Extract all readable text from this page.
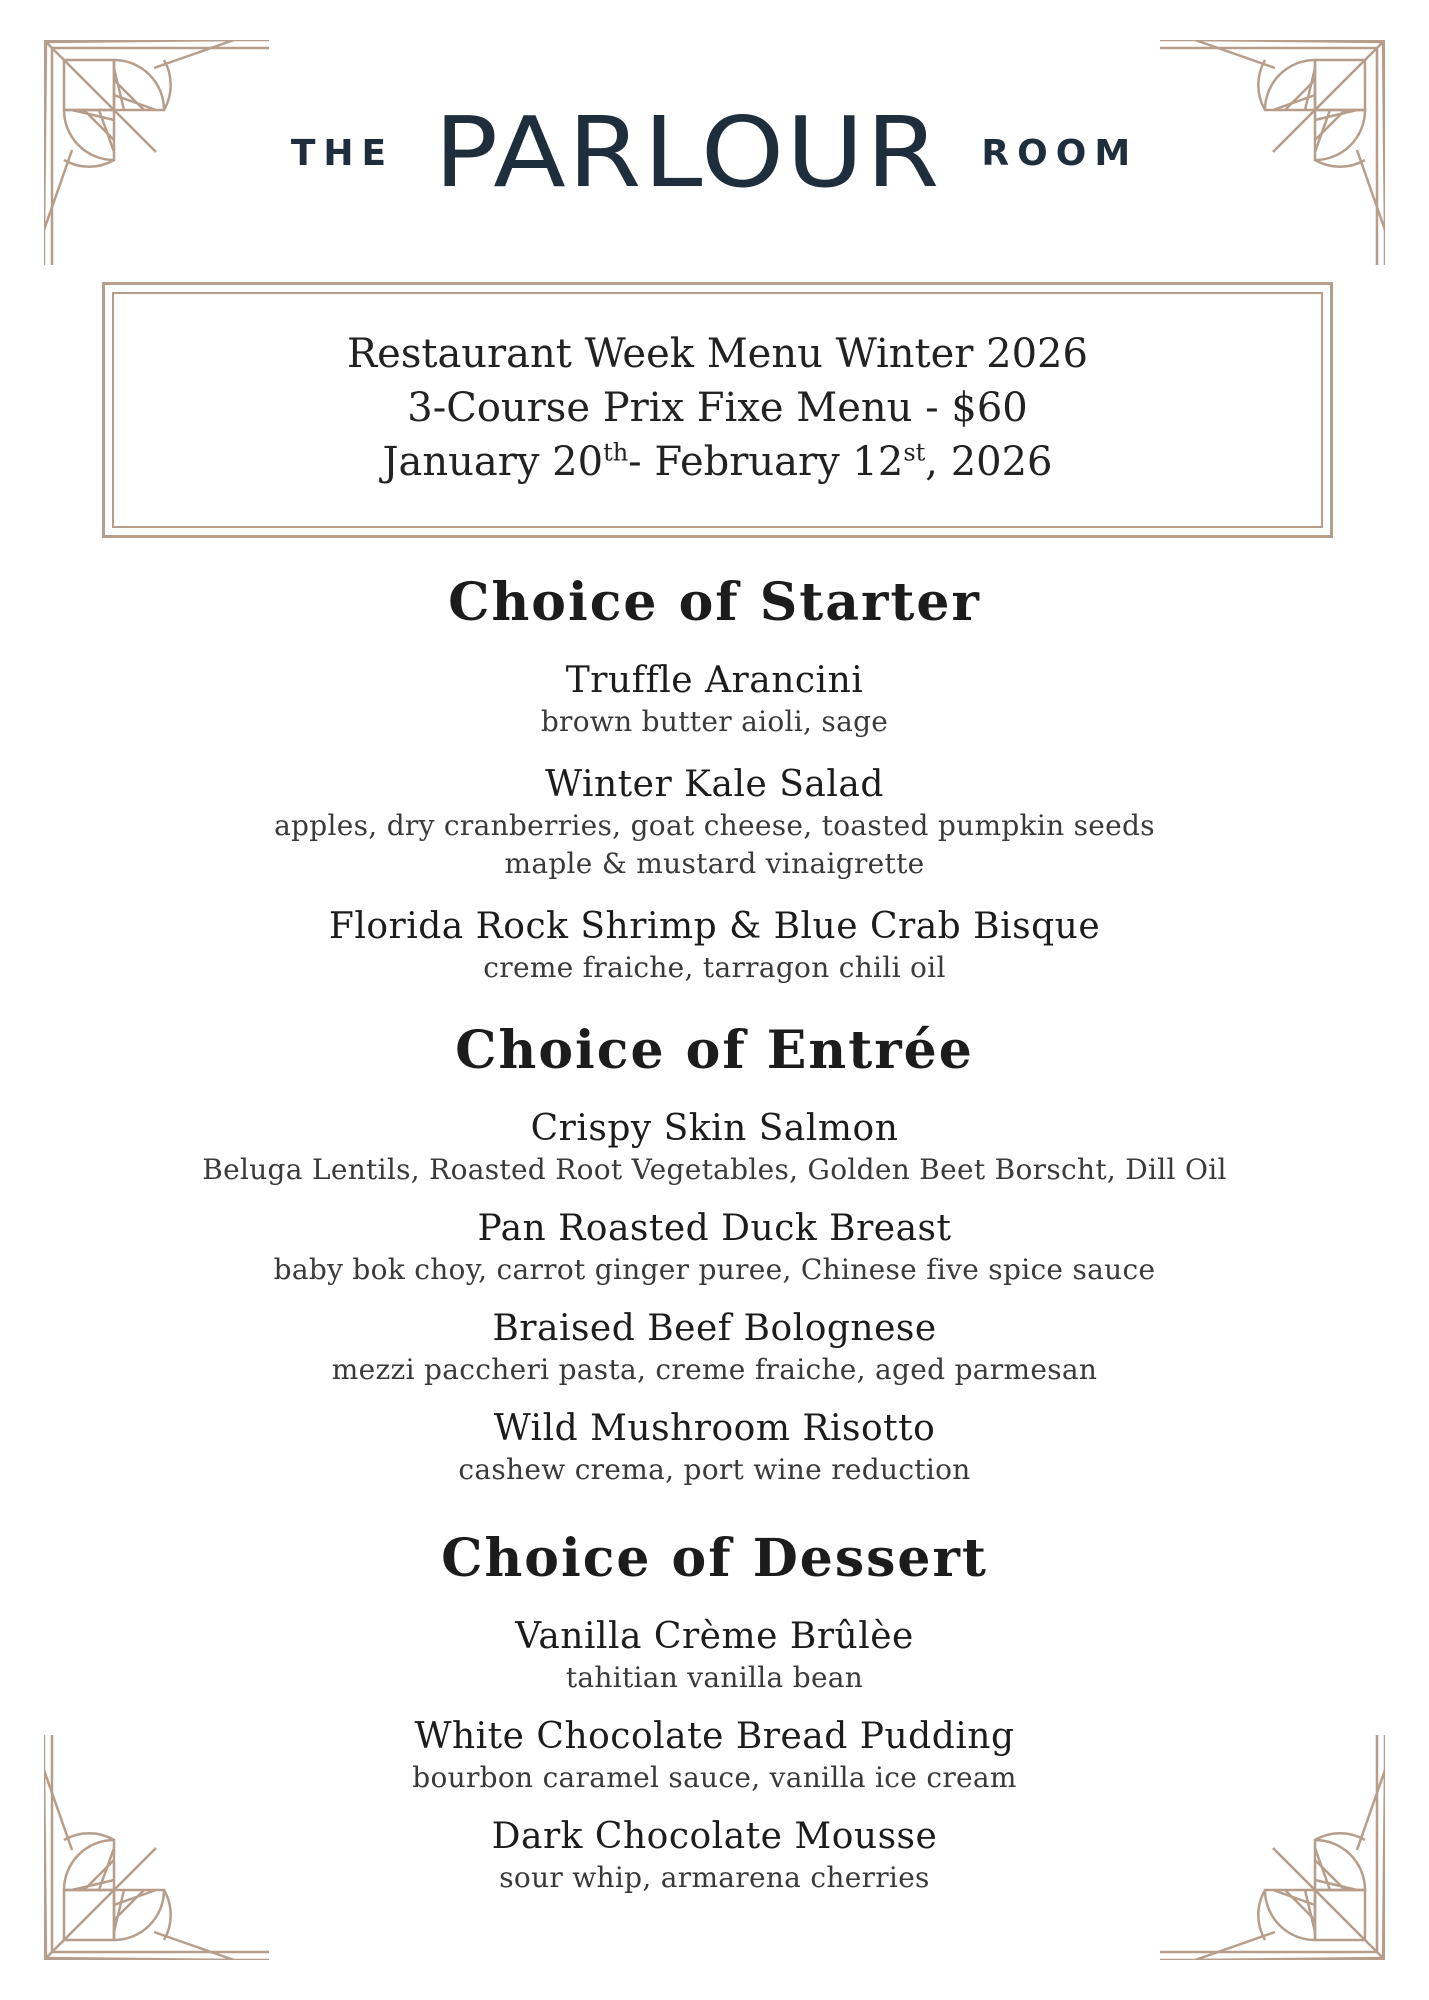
THE PARLOUR ROOM
Restaurant Week Menu Winter 2026
3-Course Prix Fixe Menu - $60
January 20th- February 12st, 2026
Choice of Starter
Truffle Arancini
brown butter aioli, sage
Winter Kale Salad
apples, dry cranberries, goat cheese, toasted pumpkin seeds
maple & mustard vinaigrette
Florida Rock Shrimp & Blue Crab Bisque
creme fraiche, tarragon chili oil
Choice of Entrée
Crispy Skin Salmon
Beluga Lentils, Roasted Root Vegetables, Golden Beet Borscht, Dill Oil
Pan Roasted Duck Breast
baby bok choy, carrot ginger puree, Chinese five spice sauce
Braised Beef Bolognese
mezzi paccheri pasta, creme fraiche, aged parmesan
Wild Mushroom Risotto
cashew crema, port wine reduction
Choice of Dessert
Vanilla Crème Brûlèe
tahitian vanilla bean
White Chocolate Bread Pudding
bourbon caramel sauce, vanilla ice cream
Dark Chocolate Mousse
sour whip, armarena cherries
